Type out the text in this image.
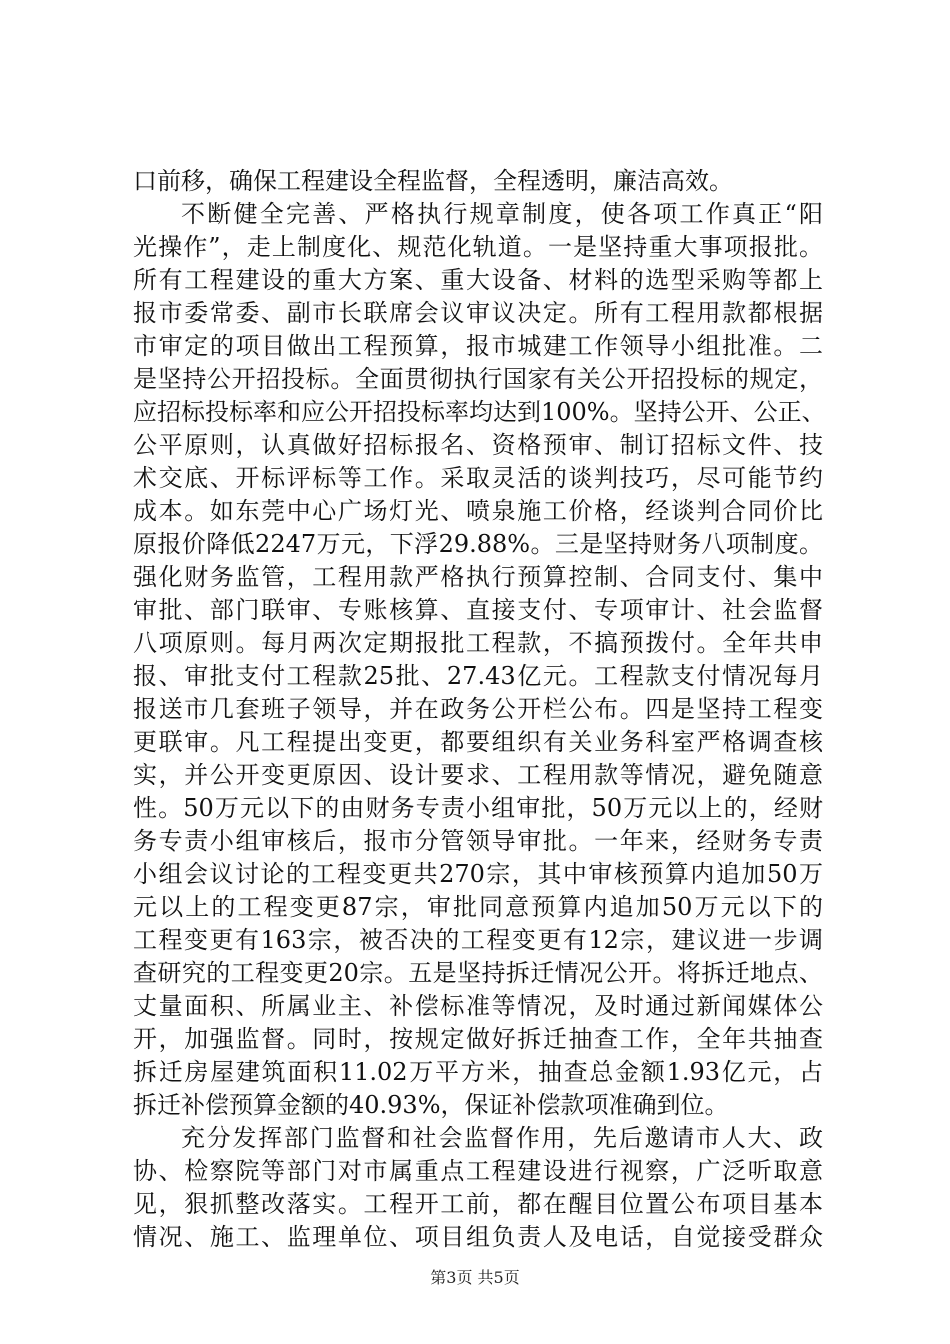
口前移，确保工程建设全程监督，全程透明，廉洁高效。
不断健全完善、严格执行规章制度，使各项工作真正“阳
光操作”，走上制度化、规范化轨道。一是坚持重大事项报批。
所有工程建设的重大方案、重大设备、材料的选型采购等都上
报市委常委、副市长联席会议审议决定。所有工程用款都根据
市审定的项目做出工程预算，报市城建工作领导小组批准。二
是坚持公开招投标。全面贯彻执行国家有关公开招投标的规定，
应招标投标率和应公开招投标率均达到100%。坚持公开、公正、
公平原则，认真做好招标报名、资格预审、制订招标文件、技
术交底、开标评标等工作。采取灵活的谈判技巧，尽可能节约
成本。如东莞中心广场灯光、喷泉施工价格，经谈判合同价比
原报价降低2247万元，下浮29.88%。三是坚持财务八项制度。
强化财务监管，工程用款严格执行预算控制、合同支付、集中
审批、部门联审、专账核算、直接支付、专项审计、社会监督
八项原则。每月两次定期报批工程款，不搞预拨付。全年共申
报、审批支付工程款25批、27.43亿元。工程款支付情况每月
报送市几套班子领导，并在政务公开栏公布。四是坚持工程变
更联审。凡工程提出变更，都要组织有关业务科室严格调查核
实，并公开变更原因、设计要求、工程用款等情况，避免随意
性。50万元以下的由财务专责小组审批，50万元以上的，经财
务专责小组审核后，报市分管领导审批。一年来，经财务专责
小组会议讨论的工程变更共270宗，其中审核预算内追加50万
元以上的工程变更87宗，审批同意预算内追加50万元以下的
工程变更有163宗，被否决的工程变更有12宗，建议进一步调
查研究的工程变更20宗。五是坚持拆迁情况公开。将拆迁地点、
丈量面积、所属业主、补偿标准等情况，及时通过新闻媒体公
开，加强监督。同时，按规定做好拆迁抽查工作，全年共抽查
拆迁房屋建筑面积11.02万平方米，抽查总金额1.93亿元，占
拆迁补偿预算金额的40.93%，保证补偿款项准确到位。
充分发挥部门监督和社会监督作用，先后邀请市人大、政
协、检察院等部门对市属重点工程建设进行视察，广泛听取意
见，狠抓整改落实。工程开工前，都在醒目位置公布项目基本
情况、施工、监理单位、项目组负责人及电话，自觉接受群众
第3页 共5页
